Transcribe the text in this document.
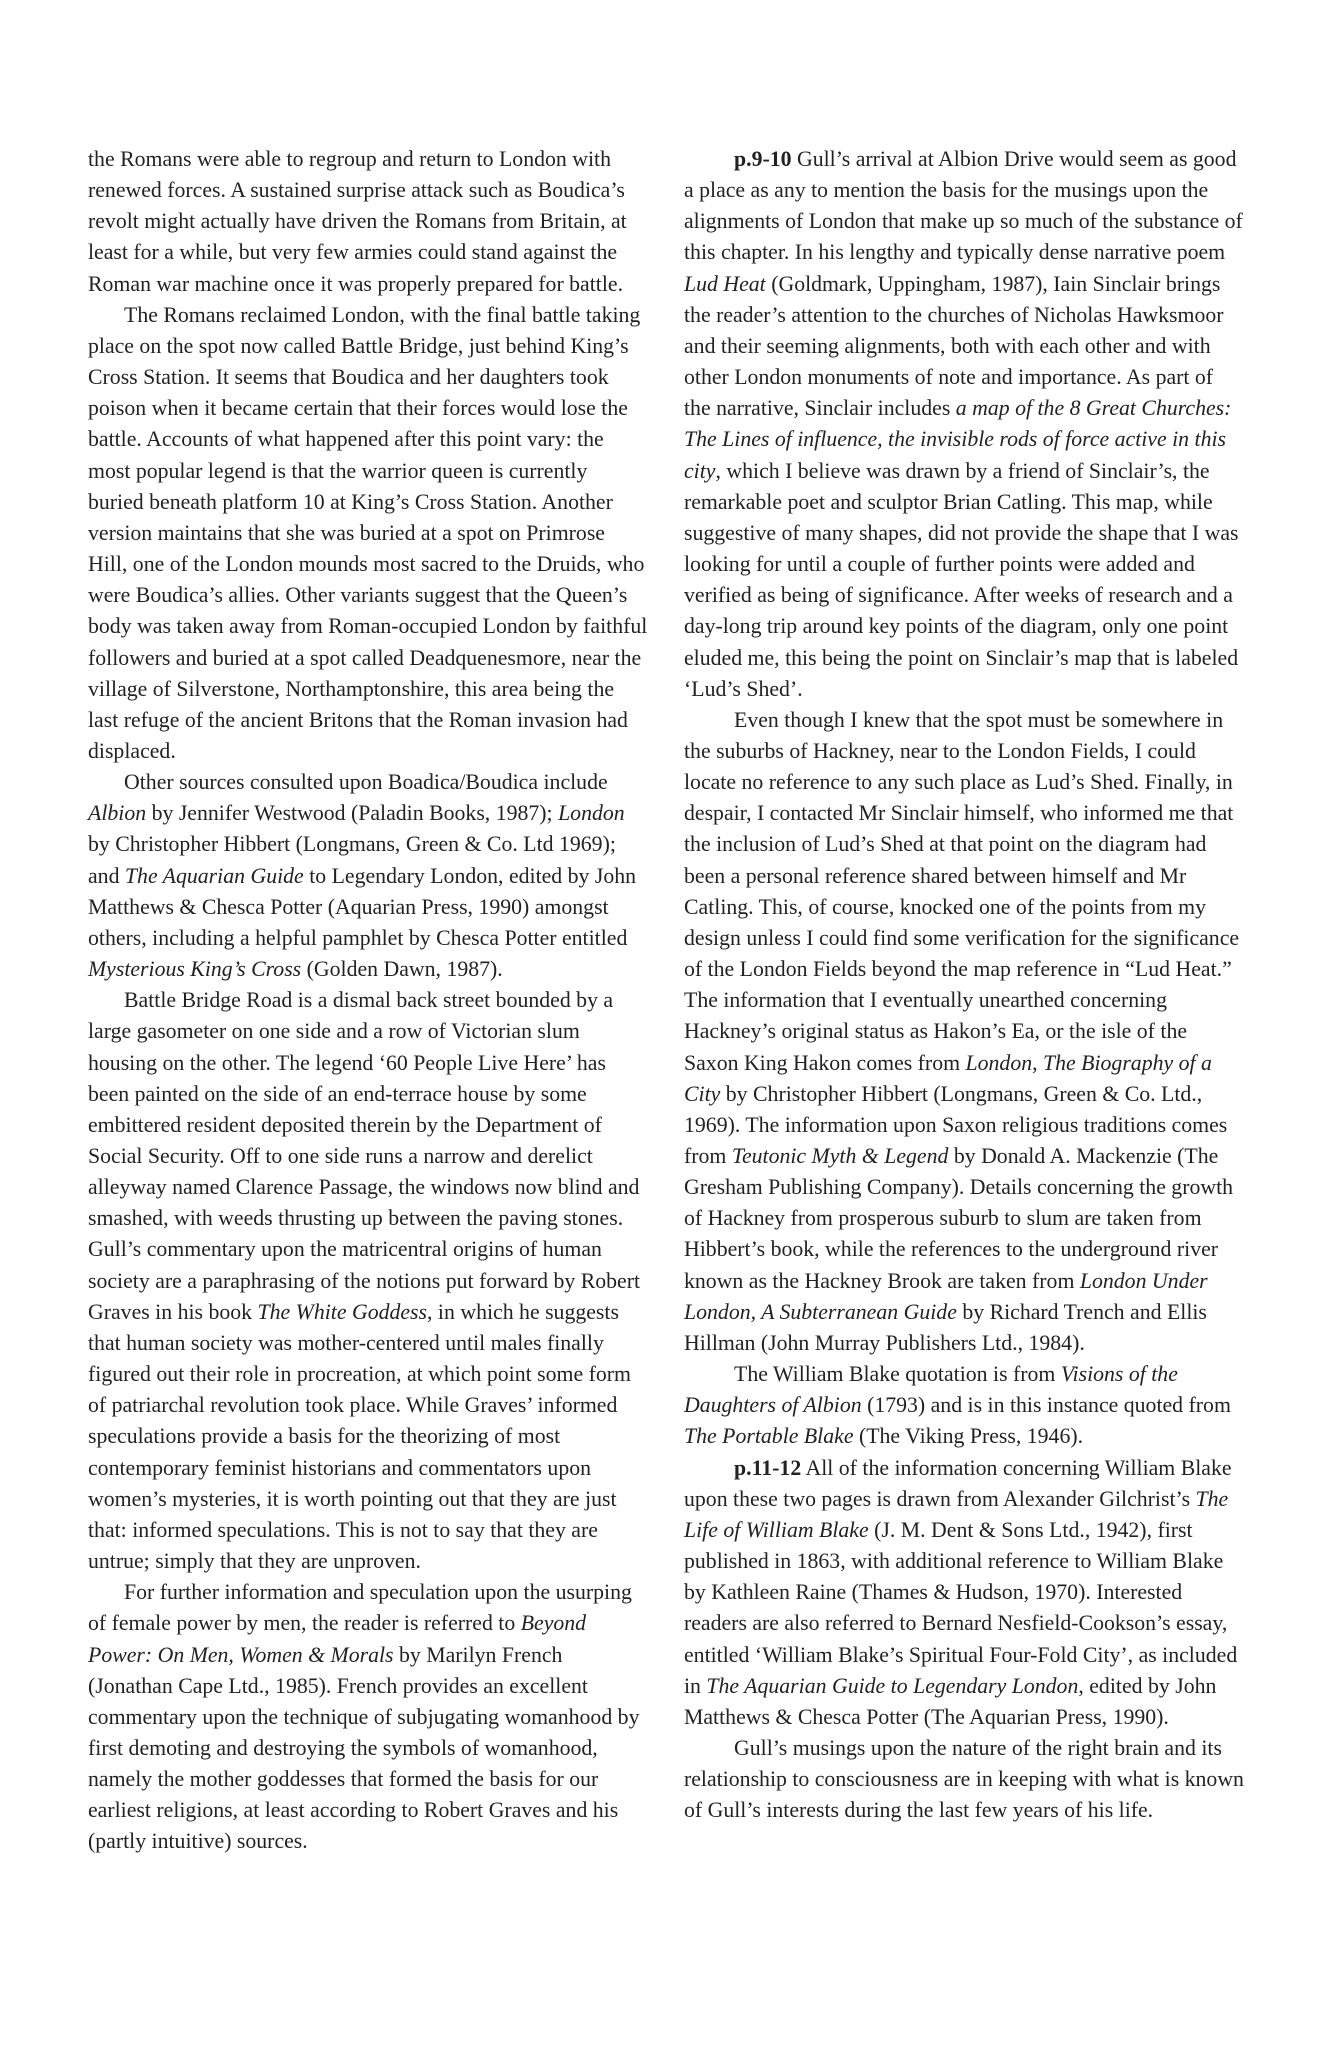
the Romans were able to regroup and return to London with renewed forces. A sustained surprise attack such as Boudica’s revolt might actually have driven the Romans from Britain, at least for a while, but very few armies could stand against the Roman war machine once it was properly prepared for battle.

The Romans reclaimed London, with the final battle taking place on the spot now called Battle Bridge, just behind King’s Cross Station. It seems that Boudica and her daughters took poison when it became certain that their forces would lose the battle. Accounts of what happened after this point vary: the most popular legend is that the warrior queen is currently buried beneath platform 10 at King’s Cross Station. Another version maintains that she was buried at a spot on Primrose Hill, one of the London mounds most sacred to the Druids, who were Boudica’s allies. Other variants suggest that the Queen’s body was taken away from Roman-occupied London by faithful followers and buried at a spot called Deadquenesmore, near the village of Silverstone, Northamptonshire, this area being the last refuge of the ancient Britons that the Roman invasion had displaced.

Other sources consulted upon Boadica/Boudica include Albion by Jennifer Westwood (Paladin Books, 1987); London by Christopher Hibbert (Longmans, Green & Co. Ltd 1969); and The Aquarian Guide to Legendary London, edited by John Matthews & Chesca Potter (Aquarian Press, 1990) amongst others, including a helpful pamphlet by Chesca Potter entitled Mysterious King’s Cross (Golden Dawn, 1987).

Battle Bridge Road is a dismal back street bounded by a large gasometer on one side and a row of Victorian slum housing on the other. The legend ‘60 People Live Here’ has been painted on the side of an end-terrace house by some embittered resident deposited therein by the Department of Social Security. Off to one side runs a narrow and derelict alleyway named Clarence Passage, the windows now blind and smashed, with weeds thrusting up between the paving stones. Gull’s commentary upon the matricentral origins of human society are a paraphrasing of the notions put forward by Robert Graves in his book The White Goddess, in which he suggests that human society was mother-centered until males finally figured out their role in procreation, at which point some form of patriarchal revolution took place. While Graves’ informed speculations provide a basis for the theorizing of most contemporary feminist historians and commentators upon women’s mysteries, it is worth pointing out that they are just that: informed speculations. This is not to say that they are untrue; simply that they are unproven.

For further information and speculation upon the usurping of female power by men, the reader is referred to Beyond Power: On Men, Women & Morals by Marilyn French (Jonathan Cape Ltd., 1985). French provides an excellent commentary upon the technique of subjugating womanhood by first demoting and destroying the symbols of womanhood, namely the mother goddesses that formed the basis for our earliest religions, at least according to Robert Graves and his (partly intuitive) sources.

p.9-10 Gull’s arrival at Albion Drive would seem as good a place as any to mention the basis for the musings upon the alignments of London that make up so much of the substance of this chapter. In his lengthy and typically dense narrative poem Lud Heat (Goldmark, Uppingham, 1987), Iain Sinclair brings the reader’s attention to the churches of Nicholas Hawksmoor and their seeming alignments, both with each other and with other London monuments of note and importance. As part of the narrative, Sinclair includes a map of the 8 Great Churches: The Lines of influence, the invisible rods of force active in this city, which I believe was drawn by a friend of Sinclair’s, the remarkable poet and sculptor Brian Catling. This map, while suggestive of many shapes, did not provide the shape that I was looking for until a couple of further points were added and verified as being of significance. After weeks of research and a day-long trip around key points of the diagram, only one point eluded me, this being the point on Sinclair’s map that is labeled ‘Lud’s Shed’.

Even though I knew that the spot must be somewhere in the suburbs of Hackney, near to the London Fields, I could locate no reference to any such place as Lud’s Shed. Finally, in despair, I contacted Mr Sinclair himself, who informed me that the inclusion of Lud’s Shed at that point on the diagram had been a personal reference shared between himself and Mr Catling. This, of course, knocked one of the points from my design unless I could find some verification for the significance of the London Fields beyond the map reference in “Lud Heat.” The information that I eventually unearthed concerning Hackney’s original status as Hakon’s Ea, or the isle of the Saxon King Hakon comes from London, The Biography of a City by Christopher Hibbert (Longmans, Green & Co. Ltd., 1969). The information upon Saxon religious traditions comes from Teutonic Myth & Legend by Donald A. Mackenzie (The Gresham Publishing Company). Details concerning the growth of Hackney from prosperous suburb to slum are taken from Hibbert’s book, while the references to the underground river known as the Hackney Brook are taken from London Under London, A Subterranean Guide by Richard Trench and Ellis Hillman (John Murray Publishers Ltd., 1984).

The William Blake quotation is from Visions of the Daughters of Albion (1793) and is in this instance quoted from The Portable Blake (The Viking Press, 1946).

p.11-12 All of the information concerning William Blake upon these two pages is drawn from Alexander Gilchrist’s The Life of William Blake (J. M. Dent & Sons Ltd., 1942), first published in 1863, with additional reference to William Blake by Kathleen Raine (Thames & Hudson, 1970). Interested readers are also referred to Bernard Nesfield-Cookson’s essay, entitled ‘William Blake’s Spiritual Four-Fold City’, as included in The Aquarian Guide to Legendary London, edited by John Matthews & Chesca Potter (The Aquarian Press, 1990).

Gull’s musings upon the nature of the right brain and its relationship to consciousness are in keeping with what is known of Gull’s interests during the last few years of his life.
